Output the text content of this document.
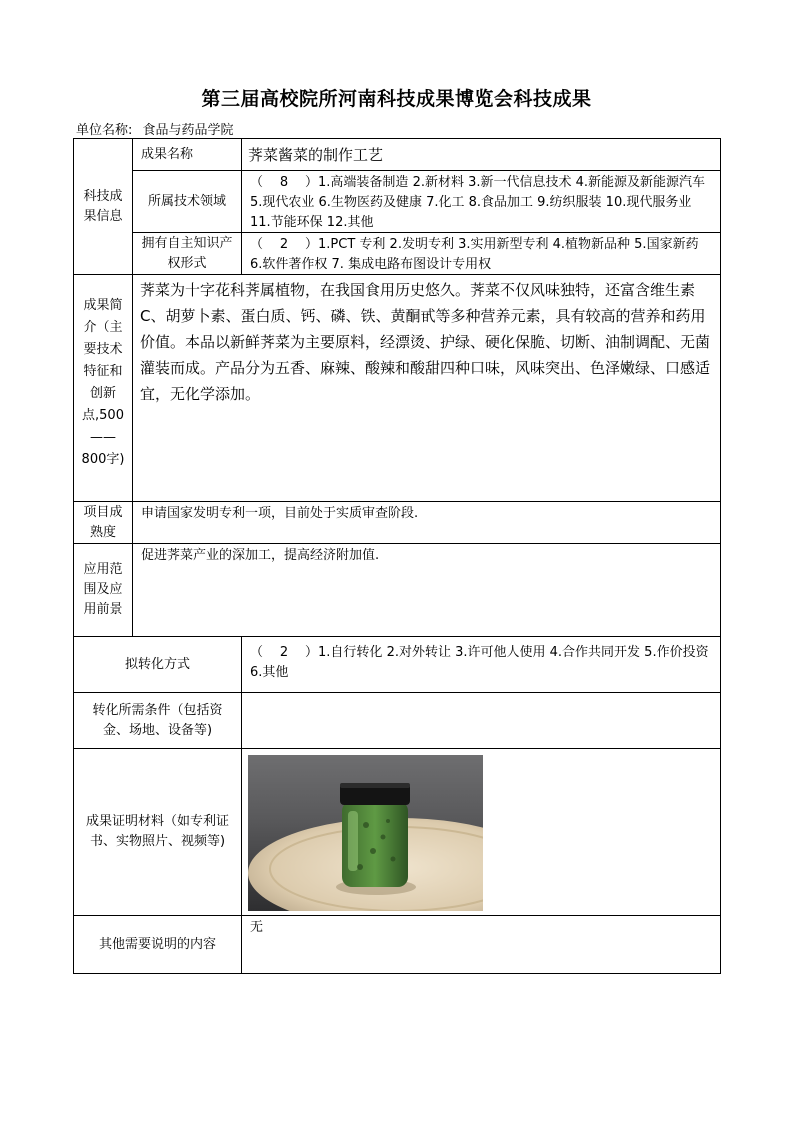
第三届高校院所河南科技成果博览会科技成果
单位名称: 食品与药品学院
科技成果信息
成果名称	荠菜酱菜的制作工艺
所属技术领域
（ 8 ）1.高端装备制造 2.新材料 3.新一代信息技术 4.新能源及新能源汽车 5.现代农业 6.生物医药及健康 7.化工 8.食品加工 9.纺织服装 10.现代服务业 11.节能环保 12.其他
拥有自主知识产权形式
（ 2 ）1.PCT 专利 2.发明专利 3.实用新型专利 4.植物新品种 5.国家新药 6.软件著作权 7. 集成电路布图设计专用权
成果简介（主要技术特征和创新点,500——800字)
荠菜为十字花科荠属植物，在我国食用历史悠久。荠菜不仅风味独特，还富含维生素 C、胡萝卜素、蛋白质、钙、磷、铁、黄酮甙等多种营养元素，具有较高的营养和药用价值。本品以新鲜荠菜为主要原料，经漂烫、护绿、硬化保脆、切断、油制调配、无菌灌装而成。产品分为五香、麻辣、酸辣和酸甜四种口味，风味突出、色泽嫩绿、口感适宜，无化学添加。
项目成熟度
申请国家发明专利一项，目前处于实质审查阶段.
应用范围及应用前景
促进荠菜产业的深加工，提高经济附加值.
拟转化方式
（ 2 ）1.自行转化 2.对外转让 3.许可他人使用 4.合作共同开发 5.作价投资 6.其他
转化所需条件（包括资金、场地、设备等)
成果证明材料（如专利证书、实物照片、视频等)
其他需要说明的内容
无
